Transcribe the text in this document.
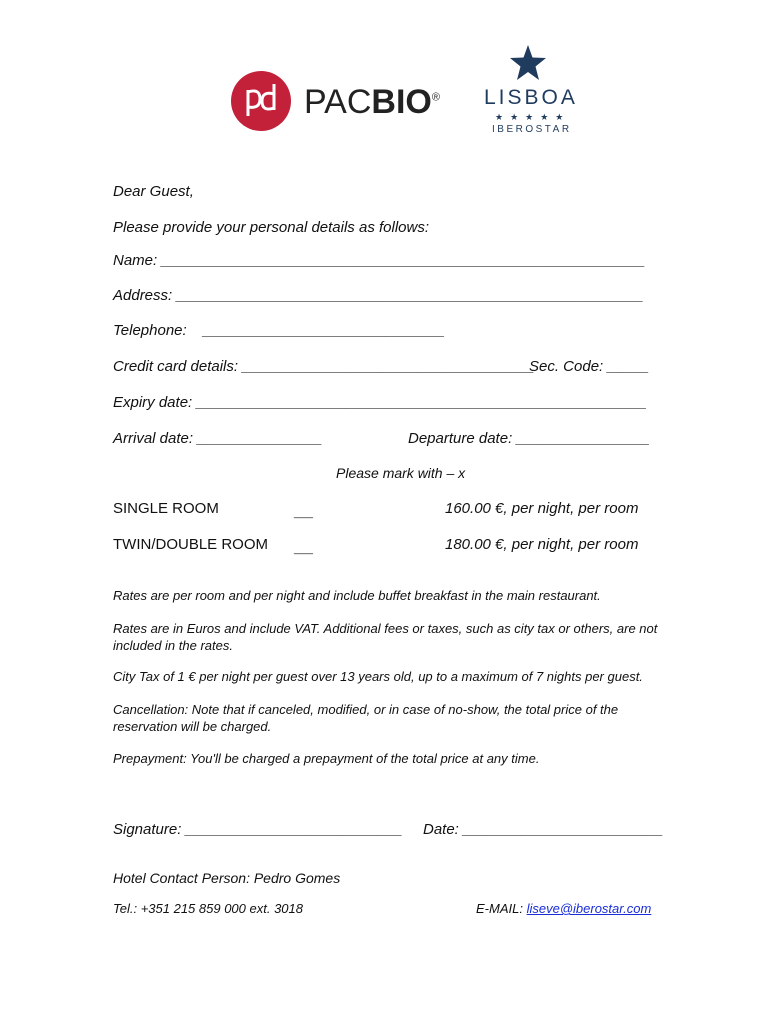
PACBIO® LISBOA
★★★★★
IBEROSTAR
Dear Guest,
Please provide your personal details as follows:
Name: __________________________________________________________
Address: ________________________________________________________
Telephone: _____________________________
Credit card details: ___________________________________
Sec. Code: _____
Expiry date: ______________________________________________________
Arrival date: _______________	Departure date: ________________
Please mark with – x
SINGLE ROOM	__	160.00 €, per night, per room
TWIN/DOUBLE ROOM __	180.00 €, per night, per room
Rates are per room and per night and include buffet breakfast in the main restaurant.

Rates are in Euros and include VAT. Additional fees or taxes, such as city tax or others, are not included in the rates.

City Tax of 1 € per night per guest over 13 years old, up to a maximum of 7 nights per guest.

Cancellation: Note that if canceled, modified, or in case of no-show, the total price of the reservation will be charged.

Prepayment: You'll be charged a prepayment of the total price at any time.
Signature: __________________________ Date: ________________________
Hotel Contact Person: Pedro Gomes
Tel.: +351 215 859 000 ext. 3018	E-MAIL: liseve@iberostar.com
